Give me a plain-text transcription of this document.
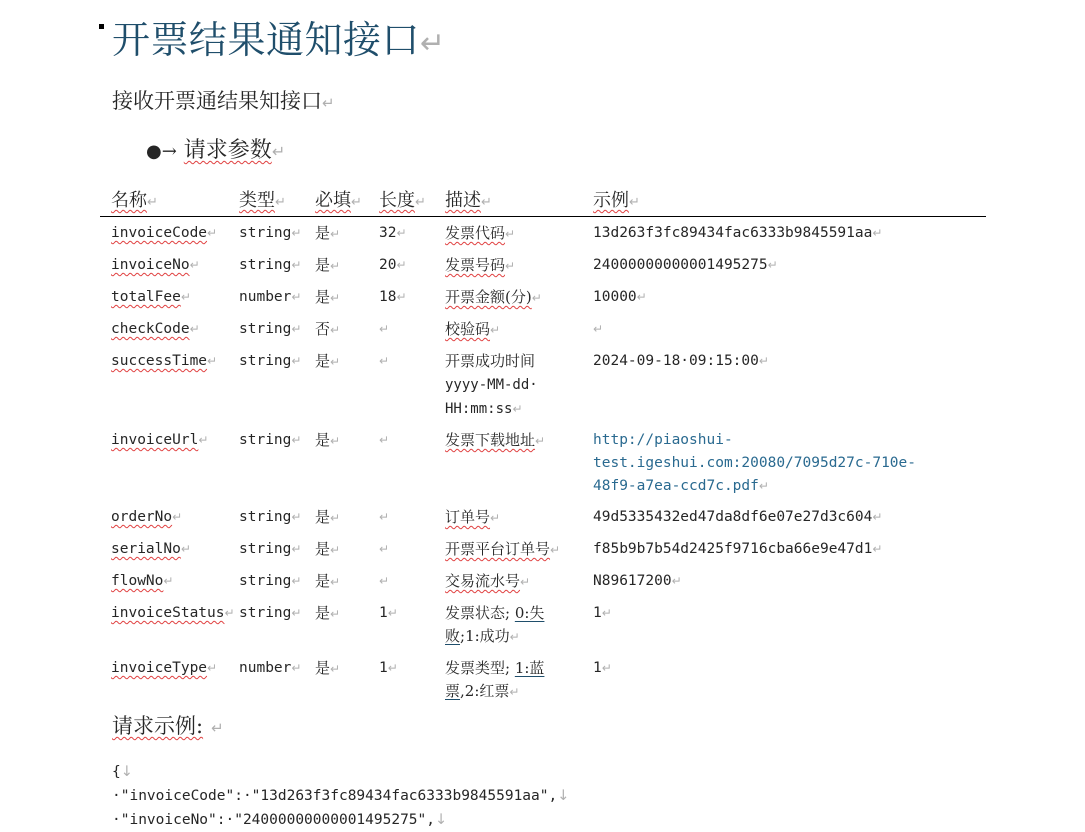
开票结果通知接口↵
接收开票通结果知接口↵
●→ 请求参数↵
名称↵	类型↵	必填↵	长度↵	描述↵	示例↵
invoiceCode↵	string↵	是↵	32↵	发票代码↵	13d263f3fc89434fac6333b9845591aa↵
invoiceNo↵	string↵	是↵	20↵	发票号码↵	24000000000001495275↵
totalFee↵	number↵	是↵	18↵	开票金额(分)↵	10000↵
checkCode↵	string↵	否↵	↵	校验码↵	↵
successTime↵	string↵	是↵	↵	开票成功时间
yyyy-MM-dd·
HH:mm:ss↵	2024-09-18·09:15:00↵
invoiceUrl↵	string↵	是↵	↵	发票下载地址↵	http://piaoshui-
test.igeshui.com:20080/7095d27c-710e-
48f9-a7ea-ccd7c.pdf↵

orderNo↵	string↵	是↵	↵	订单号↵	49d5335432ed47da8df6e07e27d3c604↵
serialNo↵	string↵	是↵	↵	开票平台订单号↵	f85b9b7b54d2425f9716cba66e9e47d1↵
flowNo↵	string↵	是↵	↵	交易流水号↵	N89617200↵
invoiceStatus↵	string↵	是↵	1↵	发票状态; 0:失
败;1:成功↵	1↵
invoiceType↵	number↵	是↵	1↵	发票类型; 1:蓝
票,2:红票↵	1↵
请求示例: ↵
{↓
·"invoiceCode":·"13d263f3fc89434fac6333b9845591aa",↓
·"invoiceNo":·"24000000000001495275",↓
